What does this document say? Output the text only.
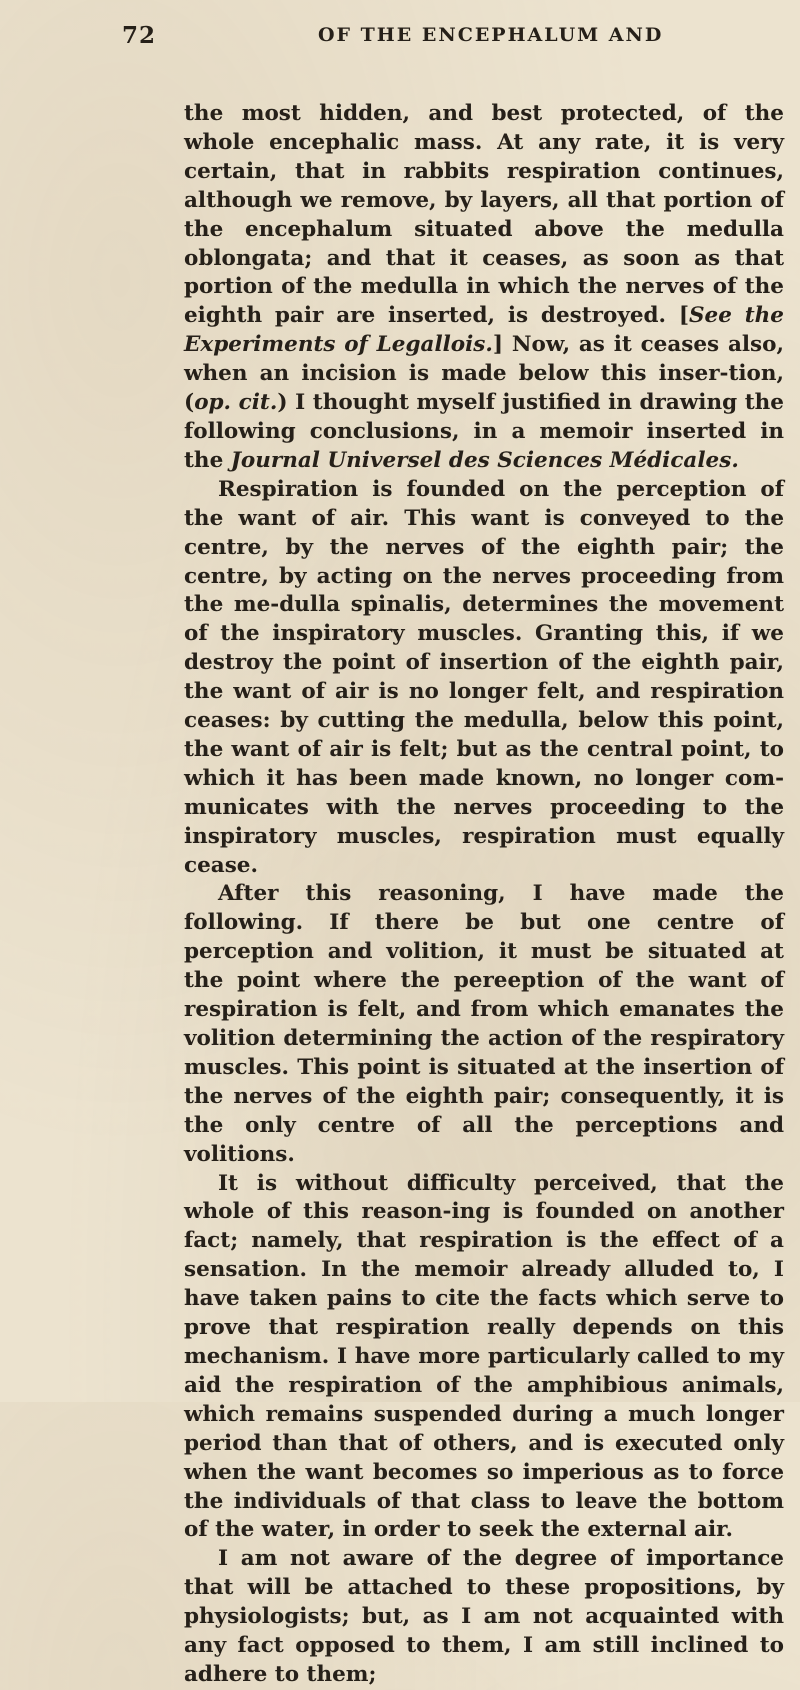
72	OF THE ENCEPHALUM AND

the most hidden, and best protected, of the whole encephalic mass. At any rate, it is very certain, that in rabbits respiration continues, although we remove, by layers, all that portion of the encephalum situated above the medulla oblongata; and that it ceases, as soon as that portion of the medulla in which the nerves of the eighth pair are inserted, is destroyed. [See the Experiments of Legallois.] Now, as it ceases also, when an incision is made below this inser-tion, (op. cit.) I thought myself justified in drawing the following conclusions, in a memoir inserted in the Journal Universel des Sciences Médicales.

Respiration is founded on the perception of the want of air. This want is conveyed to the centre, by the nerves of the eighth pair; the centre, by acting on the nerves proceeding from the me-dulla spinalis, determines the movement of the inspiratory muscles. Granting this, if we destroy the point of insertion of the eighth pair, the want of air is no longer felt, and respiration ceases: by cutting the medulla, below this point, the want of air is felt; but as the central point, to which it has been made known, no longer com-municates with the nerves proceeding to the inspiratory muscles, respiration must equally cease.

After this reasoning, I have made the following. If there be but one centre of perception and volition, it must be situated at the point where the pereeption of the want of respiration is felt, and from which emanates the volition determining the action of the respiratory muscles. This point is situated at the insertion of the nerves of the eighth pair; consequently, it is the only centre of all the perceptions and volitions.

It is without difficulty perceived, that the whole of this reason-ing is founded on another fact; namely, that respiration is the effect of a sensation. In the memoir already alluded to, I have taken pains to cite the facts which serve to prove that respiration really depends on this mechanism. I have more particularly called to my aid the respiration of the amphibious animals, which remains suspended during a much longer period than that of others, and is executed only when the want becomes so imperious as to force the individuals of that class to leave the bottom of the water, in order to seek the external air.

I am not aware of the degree of importance that will be attached to these propositions, by physiologists; but, as I am not acquainted with any fact opposed to them, I am still inclined to adhere to them;
